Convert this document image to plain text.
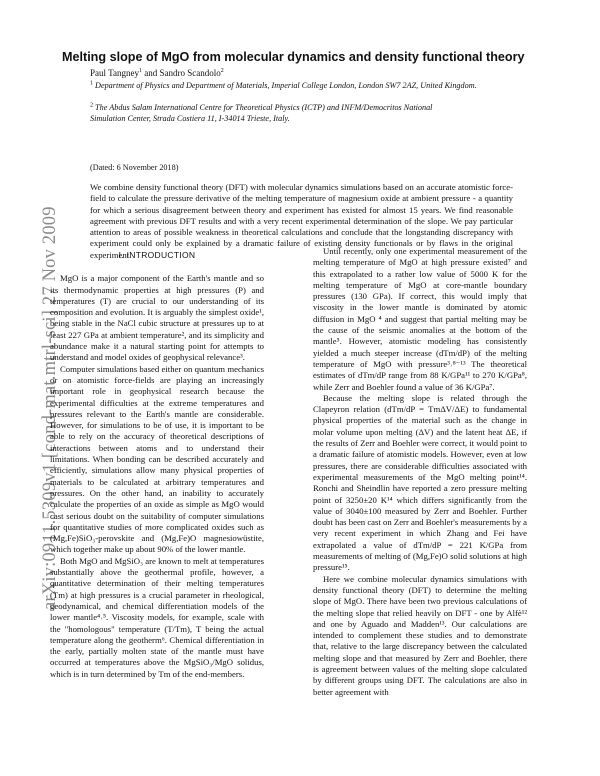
arXiv:0911.5309v1 [cond-mat.mtrl-sci] 27 Nov 2009
Melting slope of MgO from molecular dynamics and density functional theory
Paul Tangney$^1$ and Sandro Scandolo$^2$
$^1$ Department of Physics and Department of Materials, Imperial College London, London SW7 2AZ, United Kingdom.
$^2$ The Abdus Salam International Centre for Theoretical Physics (ICTP) and INFM/Democritos National Simulation Center, Strada Costiera 11, I-34014 Trieste, Italy.
(Dated: 6 November 2018)
We combine density functional theory (DFT) with molecular dynamics simulations based on an accurate atomistic force-field to calculate the pressure derivative of the melting temperature of magnesium oxide at ambient pressure - a quantity for which a serious disagreement between theory and experiment has existed for almost 15 years. We find reasonable agreement with previous DFT results and with a very recent experimental determination of the slope. We pay particular attention to areas of possible weakness in theoretical calculations and conclude that the longstanding discrepancy with experiment could only be explained by a dramatic failure of existing density functionals or by flaws in the original experiment.
I. INTRODUCTION

MgO is a major component of the Earth's mantle and so its thermodynamic properties at high pressures (P) and temperatures (T) are crucial to our understanding of its composition and evolution. It is arguably the simplest oxide¹, being stable in the NaCl cubic structure at pressures up to at least 227 GPa at ambient temperature², and its simplicity and abundance make it a natural starting point for attempts to understand and model oxides of geophysical relevance³.

Computer simulations based either on quantum mechanics or on atomistic force-fields are playing an increasingly important role in geophysical research because the experimental difficulties at the extreme temperatures and pressures relevant to the Earth's mantle are considerable. However, for simulations to be of use, it is important to be able to rely on the accuracy of theoretical descriptions of interactions between atoms and to understand their limitations. When bonding can be described accurately and efficiently, simulations allow many physical properties of materials to be calculated at arbitrary temperatures and pressures. On the other hand, an inability to accurately calculate the properties of an oxide as simple as MgO would cast serious doubt on the suitability of computer simulations for quantitative studies of more complicated oxides such as (Mg,Fe)SiO₃-perovskite and (Mg,Fe)O magnesiowüstite, which together make up about 90% of the lower mantle.

Both MgO and MgSiO₃ are known to melt at temperatures substantially above the geothermal profile, however, a quantitative determination of their melting temperatures (Tm) at high pressures is a crucial parameter in rheological, geodynamical, and chemical differentiation models of the lower mantle⁴˒⁵. Viscosity models, for example, scale with the "homologous" temperature (T/Tm), T being the actual temperature along the geotherm⁶. Chemical differentiation in the early, partially molten state of the mantle must have occurred at temperatures above the MgSiO₃/MgO solidus, which is in turn determined by Tm of the end-members.

Until recently, only one experimental measurement of the melting temperature of MgO at high pressure existed⁷ and this extrapolated to a rather low value of 5000 K for the melting temperature of MgO at core-mantle boundary pressures (130 GPa). If correct, this would imply that viscosity in the lower mantle is dominated by atomic diffusion in MgO ⁴ and suggest that partial melting may be the cause of the seismic anomalies at the bottom of the mantle⁵. However, atomistic modeling has consistently yielded a much steeper increase (dTm/dP) of the melting temperature of MgO with pressure³˒⁸⁻¹³ The theoretical estimates of dTm/dP range from 88 K/GPa¹¹ to 270 K/GPa⁸, while Zerr and Boehler found a value of 36 K/GPa⁷.

Because the melting slope is related through the Clapeyron relation (dTm/dP = TmΔV/ΔE) to fundamental physical properties of the material such as the change in molar volume upon melting (ΔV) and the latent heat ΔE, if the results of Zerr and Boehler were correct, it would point to a dramatic failure of atomistic models. However, even at low pressures, there are considerable difficulties associated with experimental measurements of the MgO melting point¹⁴. Ronchi and Sheindlin have reported a zero pressure melting point of 3250±20 K¹⁴ which differs significantly from the value of 3040±100 measured by Zerr and Boehler. Further doubt has been cast on Zerr and Boehler's measurements by a very recent experiment in which Zhang and Fei have extrapolated a value of dTm/dP = 221 K/GPa from measurements of melting of (Mg,Fe)O solid solutions at high pressure¹⁵.

Here we combine molecular dynamics simulations with density functional theory (DFT) to determine the melting slope of MgO. There have been two previous calculations of the melting slope that relied heavily on DFT - one by Alfè¹² and one by Aguado and Madden¹³. Our calculations are intended to complement these studies and to demonstrate that, relative to the large discrepancy between the calculated melting slope and that measured by Zerr and Boehler, there is agreement between values of the melting slope calculated by different groups using DFT. The calculations are also in better agreement with
